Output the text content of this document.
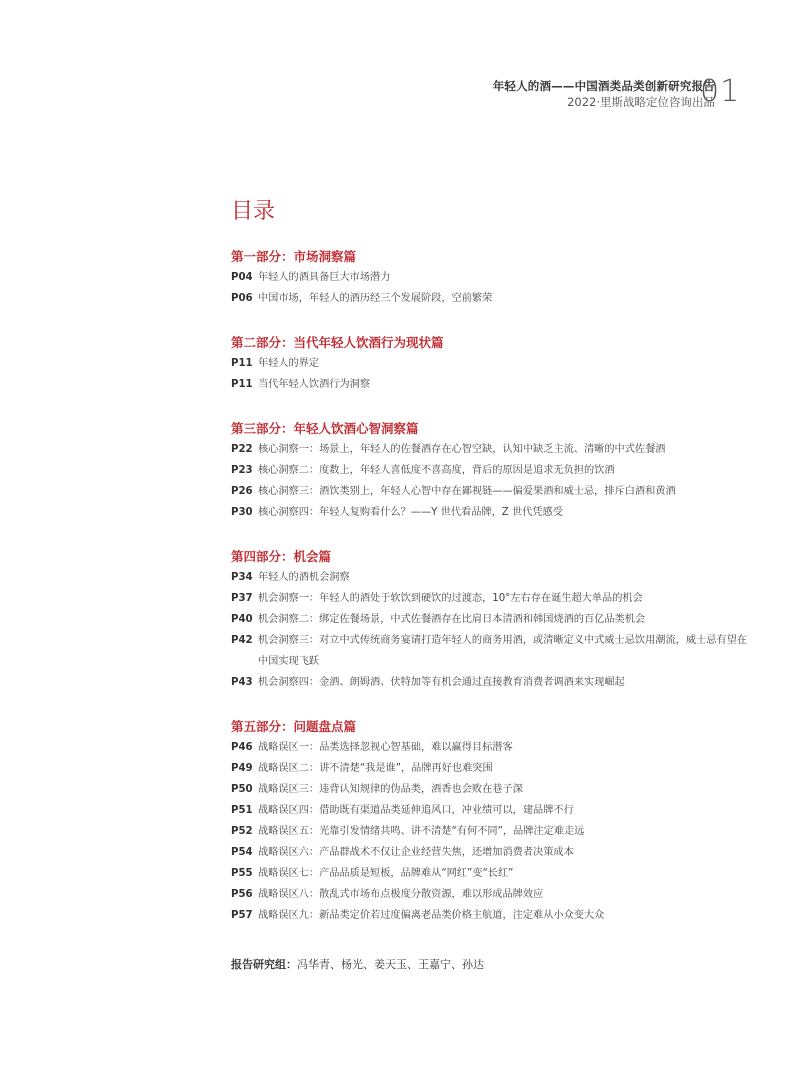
年轻人的酒——中国酒类品类创新研究报告
2022·里斯战略定位咨询出品
01
目录
第一部分：市场洞察篇
P04 年轻人的酒具备巨大市场潜力
P06 中国市场，年轻人的酒历经三个发展阶段，空前繁荣
第二部分：当代年轻人饮酒行为现状篇
P11 年轻人的界定
P11 当代年轻人饮酒行为洞察
第三部分：年轻人饮酒心智洞察篇
P22 核心洞察一：场景上，年轻人的佐餐酒存在心智空缺，认知中缺乏主流、清晰的中式佐餐酒
P23 核心洞察二：度数上，年轻人喜低度不喜高度，背后的原因是追求无负担的饮酒
P26 核心洞察三：酒饮类别上，年轻人心智中存在鄙视链——偏爱果酒和威士忌，排斥白酒和黄酒
P30 核心洞察四：年轻人复购看什么？——Y 世代看品牌，Z 世代凭感受
第四部分：机会篇
P34 年轻人的酒机会洞察
P37 机会洞察一：年轻人的酒处于软饮到硬饮的过渡态，10°左右存在诞生超大单品的机会
P40 机会洞察二：绑定佐餐场景，中式佐餐酒存在比肩日本清酒和韩国烧酒的百亿品类机会
P42 机会洞察三：对立中式传统商务宴请打造年轻人的商务用酒，或清晰定义中式威士忌饮用潮流，威士忌有望在中国实现飞跃
P43 机会洞察四：金酒、朗姆酒、伏特加等有机会通过直接教育消费者调酒来实现崛起
第五部分：问题盘点篇
P46 战略误区一：品类选择忽视心智基础，难以赢得目标潜客
P49 战略误区二：讲不清楚“我是谁”，品牌再好也难突围
P50 战略误区三：违背认知规律的伪品类，酒香也会败在巷子深
P51 战略误区四：借助既有渠道品类延伸追风口，冲业绩可以，建品牌不行
P52 战略误区五：光靠引发情绪共鸣、讲不清楚“有何不同”，品牌注定难走远
P54 战略误区六：产品群战术不仅让企业经营失焦，还增加消费者决策成本
P55 战略误区七：产品品质是短板，品牌难从“网红”变“长红”
P56 战略误区八：散乱式市场布点极度分散资源，难以形成品牌效应
P57 战略误区九：新品类定价若过度偏离老品类价格主航道，注定难从小众变大众
报告研究组：冯华青、杨光、姜天玉、王嘉宁、孙达
